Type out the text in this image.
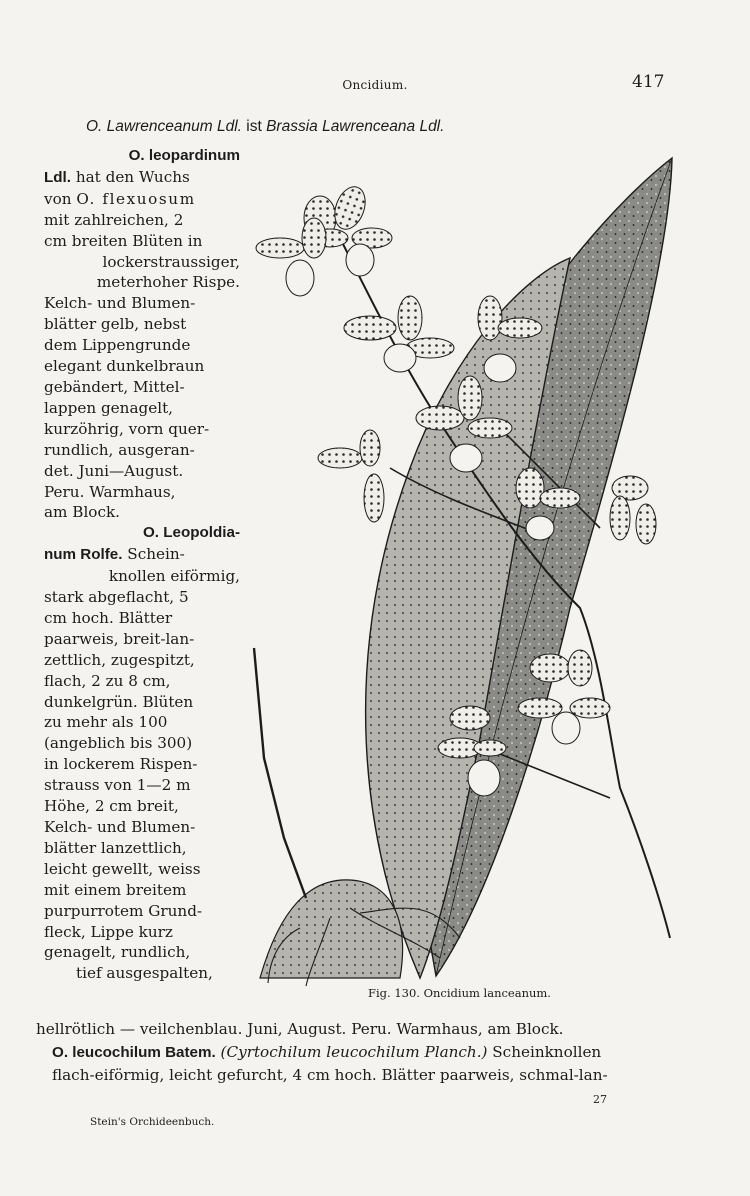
Oncidium.	417
O. Lawrenceanum Ldl. ist Brassia Lawrenceana Ldl.
O. leopardinum
Ldl. hat den Wuchs
von O. flexuosum
mit zahlreichen, 2
cm breiten Blüten in
lockerstraussiger,
meterhoher Rispe.
Kelch- und Blumen-
blätter gelb, nebst
dem Lippengrunde
elegant dunkelbraun
gebändert, Mittel-
lappen genagelt,
kurzöhrig, vorn quer-
rundlich, ausgeran-
det. Juni—August.
Peru. Warmhaus,
am Block.
O. Leopoldia-
num Rolfe. Schein-
knollen eiförmig,
stark abgeflacht, 5
cm hoch. Blätter
paarweis, breit-lan-
zettlich, zugespitzt,
flach, 2 zu 8 cm,
dunkelgrün. Blüten
zu mehr als 100
(angeblich bis 300)
in lockerem Rispen-
strauss von 1—2 m
Höhe, 2 cm breit,
Kelch- und Blumen-
blätter lanzettlich,
leicht gewellt, weiss
mit einem breitem
purpurrotem Grund-
fleck, Lippe kurz
genagelt, rundlich,
tief ausgespalten,
hellrötlich — veilchenblau. Juni, August. Peru. Warmhaus, am Block.
O. leucochilum Batem. (Cyrtochilum leucochilum Planch.) Scheinknollen
flach-eiförmig, leicht gefurcht, 4 cm hoch. Blätter paarweis, schmal-lan-
Fig. 130. Oncidium lanceanum.
27
Stein's Orchideenbuch.
